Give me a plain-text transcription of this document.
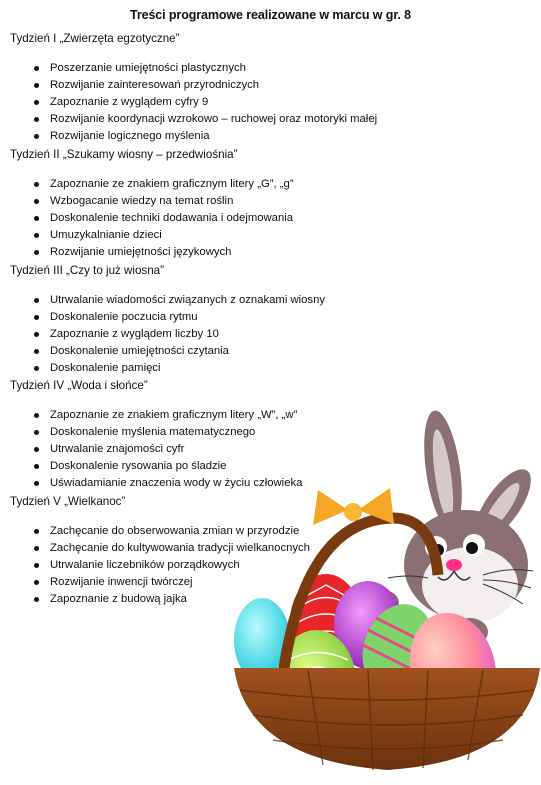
Treści programowe realizowane w marcu w gr. 8

Tydzień I „Zwierzęta egzotyczne”

Poszerzanie umiejętności plastycznych
Rozwijanie zainteresowań przyrodniczych
Zapoznanie z wyglądem cyfry 9
Rozwijanie koordynacji wzrokowo – ruchowej oraz motoryki małej
Rozwijanie logicznego myślenia

Tydzień II „Szukamy wiosny – przedwiośnia”

Zapoznanie ze znakiem graficznym litery „G”, „g”
Wzbogacanie wiedzy na temat roślin
Doskonalenie techniki dodawania i odejmowania
Umuzykalnianie dzieci
Rozwijanie umiejętności językowych

Tydzień III „Czy to już wiosna”

Utrwalanie wiadomości związanych z oznakami wiosny
Doskonalenie poczucia rytmu
Zapoznanie z wyglądem liczby 10
Doskonalenie umiejętności czytania
Doskonalenie pamięci

Tydzień IV „Woda i słońce”

Zapoznanie ze znakiem graficznym litery „W”, „w”
Doskonalenie myślenia matematycznego
Utrwalanie znajomości cyfr
Doskonalenie rysowania po śladzie
Uświadamianie znaczenia wody w życiu człowieka

Tydzień V „Wielkanoc”

Zachęcanie do obserwowania zmian w przyrodzie
Zachęcanie do kultywowania tradycji wielkanocnych
Utrwalanie liczebników porządkowych
Rozwijanie inwencji twórczej
Zapoznanie z budową jajka
